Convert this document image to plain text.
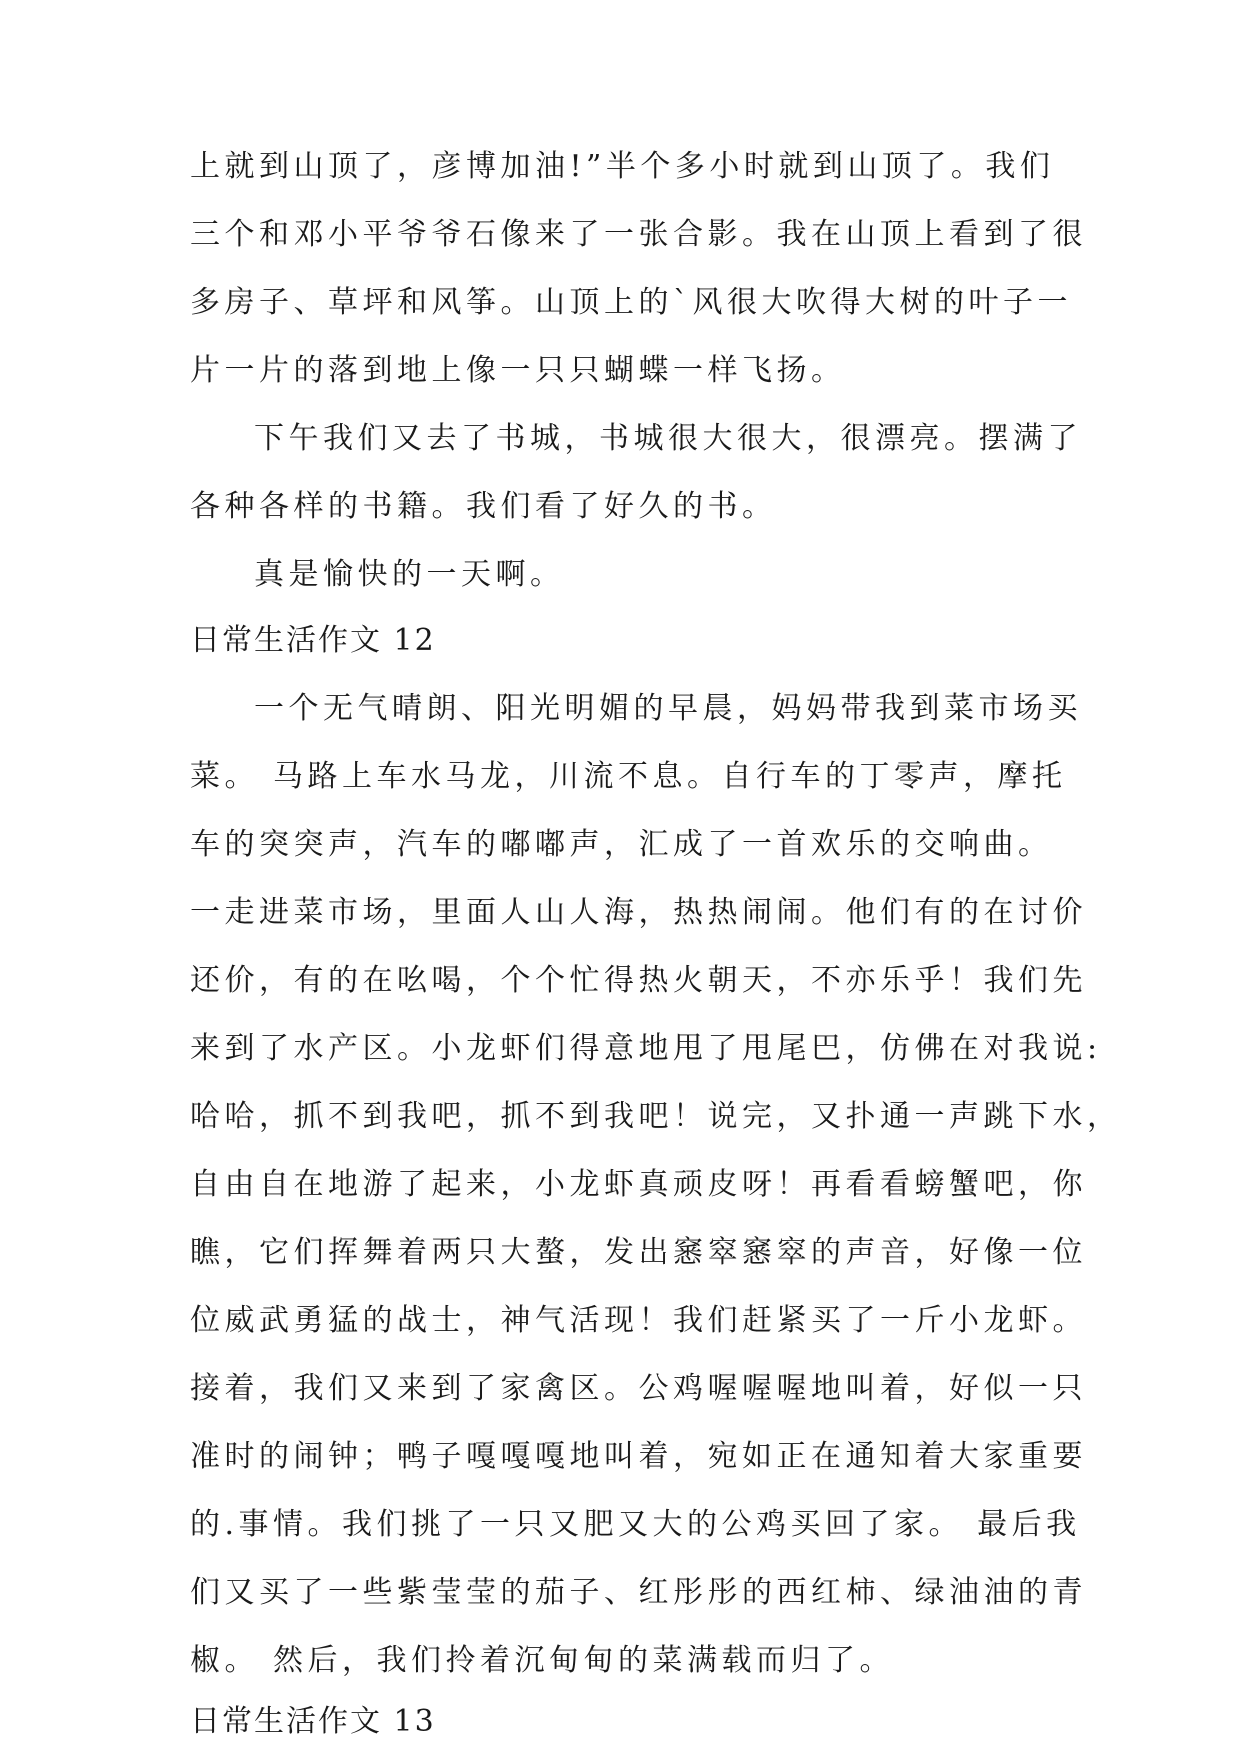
上就到山顶了，彦博加油!”半个多小时就到山顶了。我们

三个和邓小平爷爷石像来了一张合影。我在山顶上看到了很

多房子、草坪和风筝。山顶上的`风很大吹得大树的叶子一

片一片的落到地上像一只只蝴蝶一样飞扬。

下午我们又去了书城，书城很大很大，很漂亮。摆满了

各种各样的书籍。我们看了好久的书。

真是愉快的一天啊。

日常生活作文 12

一个无气晴朗、阳光明媚的早晨，妈妈带我到菜市场买

菜。 马路上车水马龙，川流不息。自行车的丁零声，摩托

车的突突声，汽车的嘟嘟声，汇成了一首欢乐的交响曲。

一走进菜市场，里面人山人海，热热闹闹。他们有的在讨价

还价，有的在吆喝，个个忙得热火朝天，不亦乐乎！我们先

来到了水产区。小龙虾们得意地甩了甩尾巴，仿佛在对我说:

哈哈，抓不到我吧，抓不到我吧！说完，又扑通一声跳下水，

自由自在地游了起来，小龙虾真顽皮呀！再看看螃蟹吧，你

瞧，它们挥舞着两只大螯，发出窸窣窸窣的声音，好像一位

位威武勇猛的战士，神气活现！我们赶紧买了一斤小龙虾。

接着，我们又来到了家禽区。公鸡喔喔喔地叫着，好似一只

准时的闹钟；鸭子嘎嘎嘎地叫着，宛如正在通知着大家重要

的.事情。我们挑了一只又肥又大的公鸡买回了家。 最后我

们又买了一些紫莹莹的茄子、红彤彤的西红柿、绿油油的青

椒。 然后，我们拎着沉甸甸的菜满载而归了。

日常生活作文 13
